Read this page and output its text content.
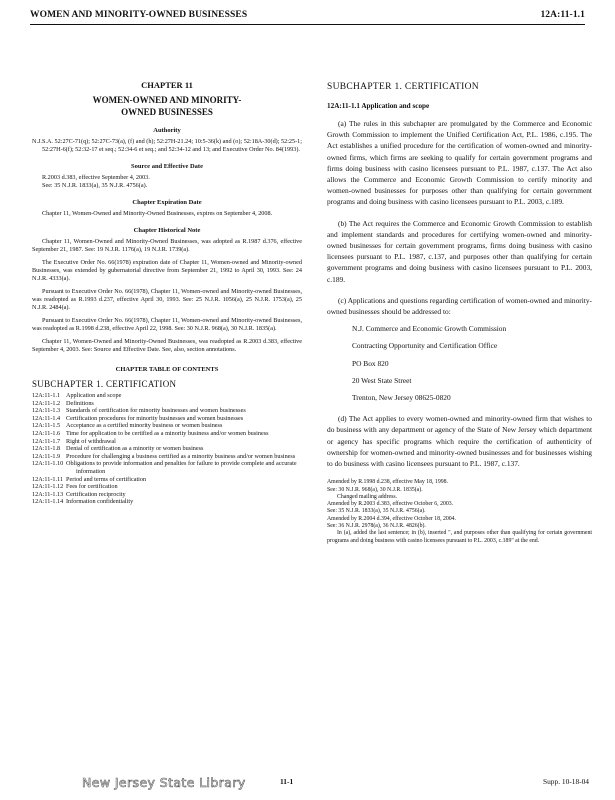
WOMEN AND MINORITY-OWNED BUSINESSES	12A:11-1.1

CHAPTER 11

WOMEN-OWNED AND MINORITY-
OWNED BUSINESSES
Authority

N.J.S.A. 52:27C-71(q); 52:27C-73(a), (f) and (h); 52:27H-21.24; 10:5-36(k) and (o); 52:18A-30(d); 52:25-1; 52:27H-6(f); 52:32-17 et seq.; 52:34-6 et seq.; and 52:34-12 and 13; and Executive Order No. 84(1993).

Source and Effective Date

R.2003 d.383, effective September 4, 2003.

See: 35 N.J.R. 1833(a), 35 N.J.R. 4756(a).

Chapter Expiration Date

Chapter 11, Women-Owned and Minority-Owned Businesses, expires on September 4, 2008.

Chapter Historical Note

Chapter 11, Women-Owned and Minority-Owned Businesses, was adopted as R.1987 d.376, effective September 21, 1987. See: 19 N.J.R. 1176(a), 19 N.J.R. 1739(a).

The Executive Order No. 66(1978) expiration date of Chapter 11, Women-owned and Minority-owned Businesses, was extended by gubernatorial directive from September 21, 1992 to April 30, 1993. See: 24 N.J.R. 4333(a).

Pursuant to Executive Order No. 66(1978), Chapter 11, Women-owned and Minority-owned Businesses, was readopted as R.1993 d.237, effective April 30, 1993. See: 25 N.J.R. 1056(a), 25 N.J.R. 1753(a), 25 N.J.R. 2484(a).

Pursuant to Executive Order No. 66(1978), Chapter 11, Women-owned and Minority-owned Businesses, was readopted as R.1998 d.238, effective April 22, 1998. See: 30 N.J.R. 968(a), 30 N.J.R. 1835(a).

Chapter 11, Women-Owned and Minority-Owned Businesses, was readopted as R.2003 d.383, effective September 4, 2003. See: Source and Effective Date. See, also, section annotations.

CHAPTER TABLE OF CONTENTS
SUBCHAPTER 1. CERTIFICATION
12A:11-1.1 Application and scope
12A:11-1.2 Definitions
12A:11-1.3 Standards of certification for minority businesses and women businesses
12A:11-1.4 Certification procedures for minority businesses and women businesses
12A:11-1.5 Acceptance as a certified minority business or women business
12A:11-1.6 Time for application to be certified as a minority business and/or women business
12A:11-1.7 Right of withdrawal
12A:11-1.8 Denial of certification as a minority or women business
12A:11-1.9 Procedure for challenging a business certified as a minority business and/or women business
12A:11-1.10 Obligations to provide information and penalties for failure to provide complete and accurate information
12A:11-1.11 Period and terms of certification
12A:11-1.12 Fees for certification
12A:11-1.13 Certification reciprocity
12A:11-1.14 Information confidentiality
SUBCHAPTER 1. CERTIFICATION
12A:11-1.1 Application and scope

(a) The rules in this subchapter are promulgated by the Commerce and Economic Growth Commission to implement the Unified Certification Act, P.L. 1986, c.195. The Act establishes a unified procedure for the certification of women-owned and minority-owned firms, which firms are seeking to qualify for certain government programs and firms doing business with casino licensees pursuant to P.L. 1987, c.137. The Act also allows the Commerce and Economic Growth Commission to certify minority and women-owned businesses for purposes other than qualifying for certain government programs and doing business with casino licensees pursuant to P.L. 2003, c.189.

(b) The Act requires the Commerce and Economic Growth Commission to establish and implement standards and procedures for certifying women-owned and minority-owned businesses for certain government programs, firms doing business with casino licensees pursuant to P.L. 1987, c.137, and purposes other than qualifying for certain government programs and doing business with casino licensees pursuant to P.L. 2003, c.189.

(c) Applications and questions regarding certification of women-owned and minority-owned businesses should be addressed to:

N.J. Commerce and Economic Growth Commission
Contracting Opportunity and Certification Office
PO Box 820
20 West State Street
Trenton, New Jersey 08625-0820

(d) The Act applies to every women-owned and minority-owned firm that wishes to do business with any department or agency of the State of New Jersey which department or agency has specific programs which require the certification of authenticity of ownership for women-owned and minority-owned businesses and for businesses wishing to do business with casino licensees pursuant to P.L. 1987, c.137.

Amended by R.1998 d.238, effective May 18, 1998.
See: 30 N.J.R. 968(a), 30 N.J.R. 1835(a).
Changed mailing address.
Amended by R.2003 d.383, effective October 6, 2003.
See: 35 N.J.R. 1833(a), 35 N.J.R. 4756(a).
Amended by R.2004 d.394, effective October 18, 2004.
See: 36 N.J.R. 2978(a), 36 N.J.R. 4826(b).
In (a), added the last sentence; in (b), inserted ", and purposes other than qualifying for certain government programs and doing business with casino licensees pursuant to P.L. 2003, c.189" at the end.
New Jersey State Library	11-1	Supp. 10-18-04
